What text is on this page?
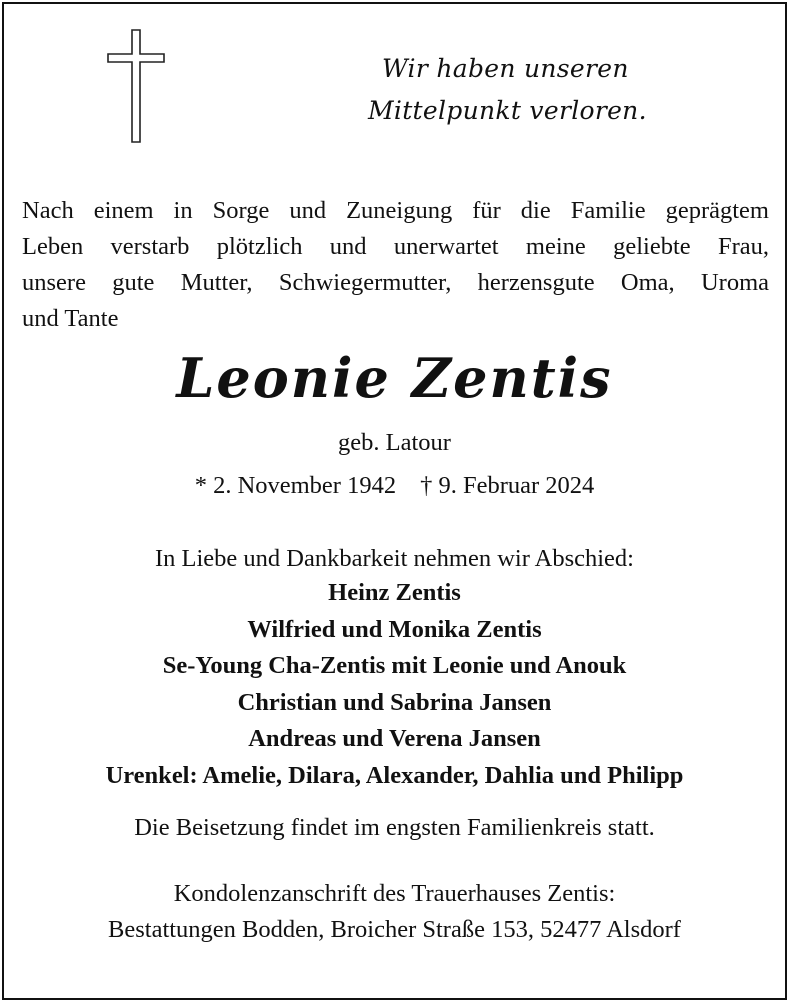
Wir haben unseren
Mittelpunkt verloren.
Nach einem in Sorge und Zuneigung für die Familie geprägtem
Leben verstarb plötzlich und unerwartet meine geliebte Frau,
unsere gute Mutter, Schwiegermutter, herzensgute Oma, Uroma
und Tante
Leonie Zentis
geb. Latour
* 2. November 1942 † 9. Februar 2024
In Liebe und Dankbarkeit nehmen wir Abschied:
Heinz Zentis
Wilfried und Monika Zentis
Se-Young Cha-Zentis mit Leonie und Anouk
Christian und Sabrina Jansen
Andreas und Verena Jansen
Urenkel: Amelie, Dilara, Alexander, Dahlia und Philipp
Die Beisetzung findet im engsten Familienkreis statt.
Kondolenzanschrift des Trauerhauses Zentis:
Bestattungen Bodden, Broicher Straße 153, 52477 Alsdorf
